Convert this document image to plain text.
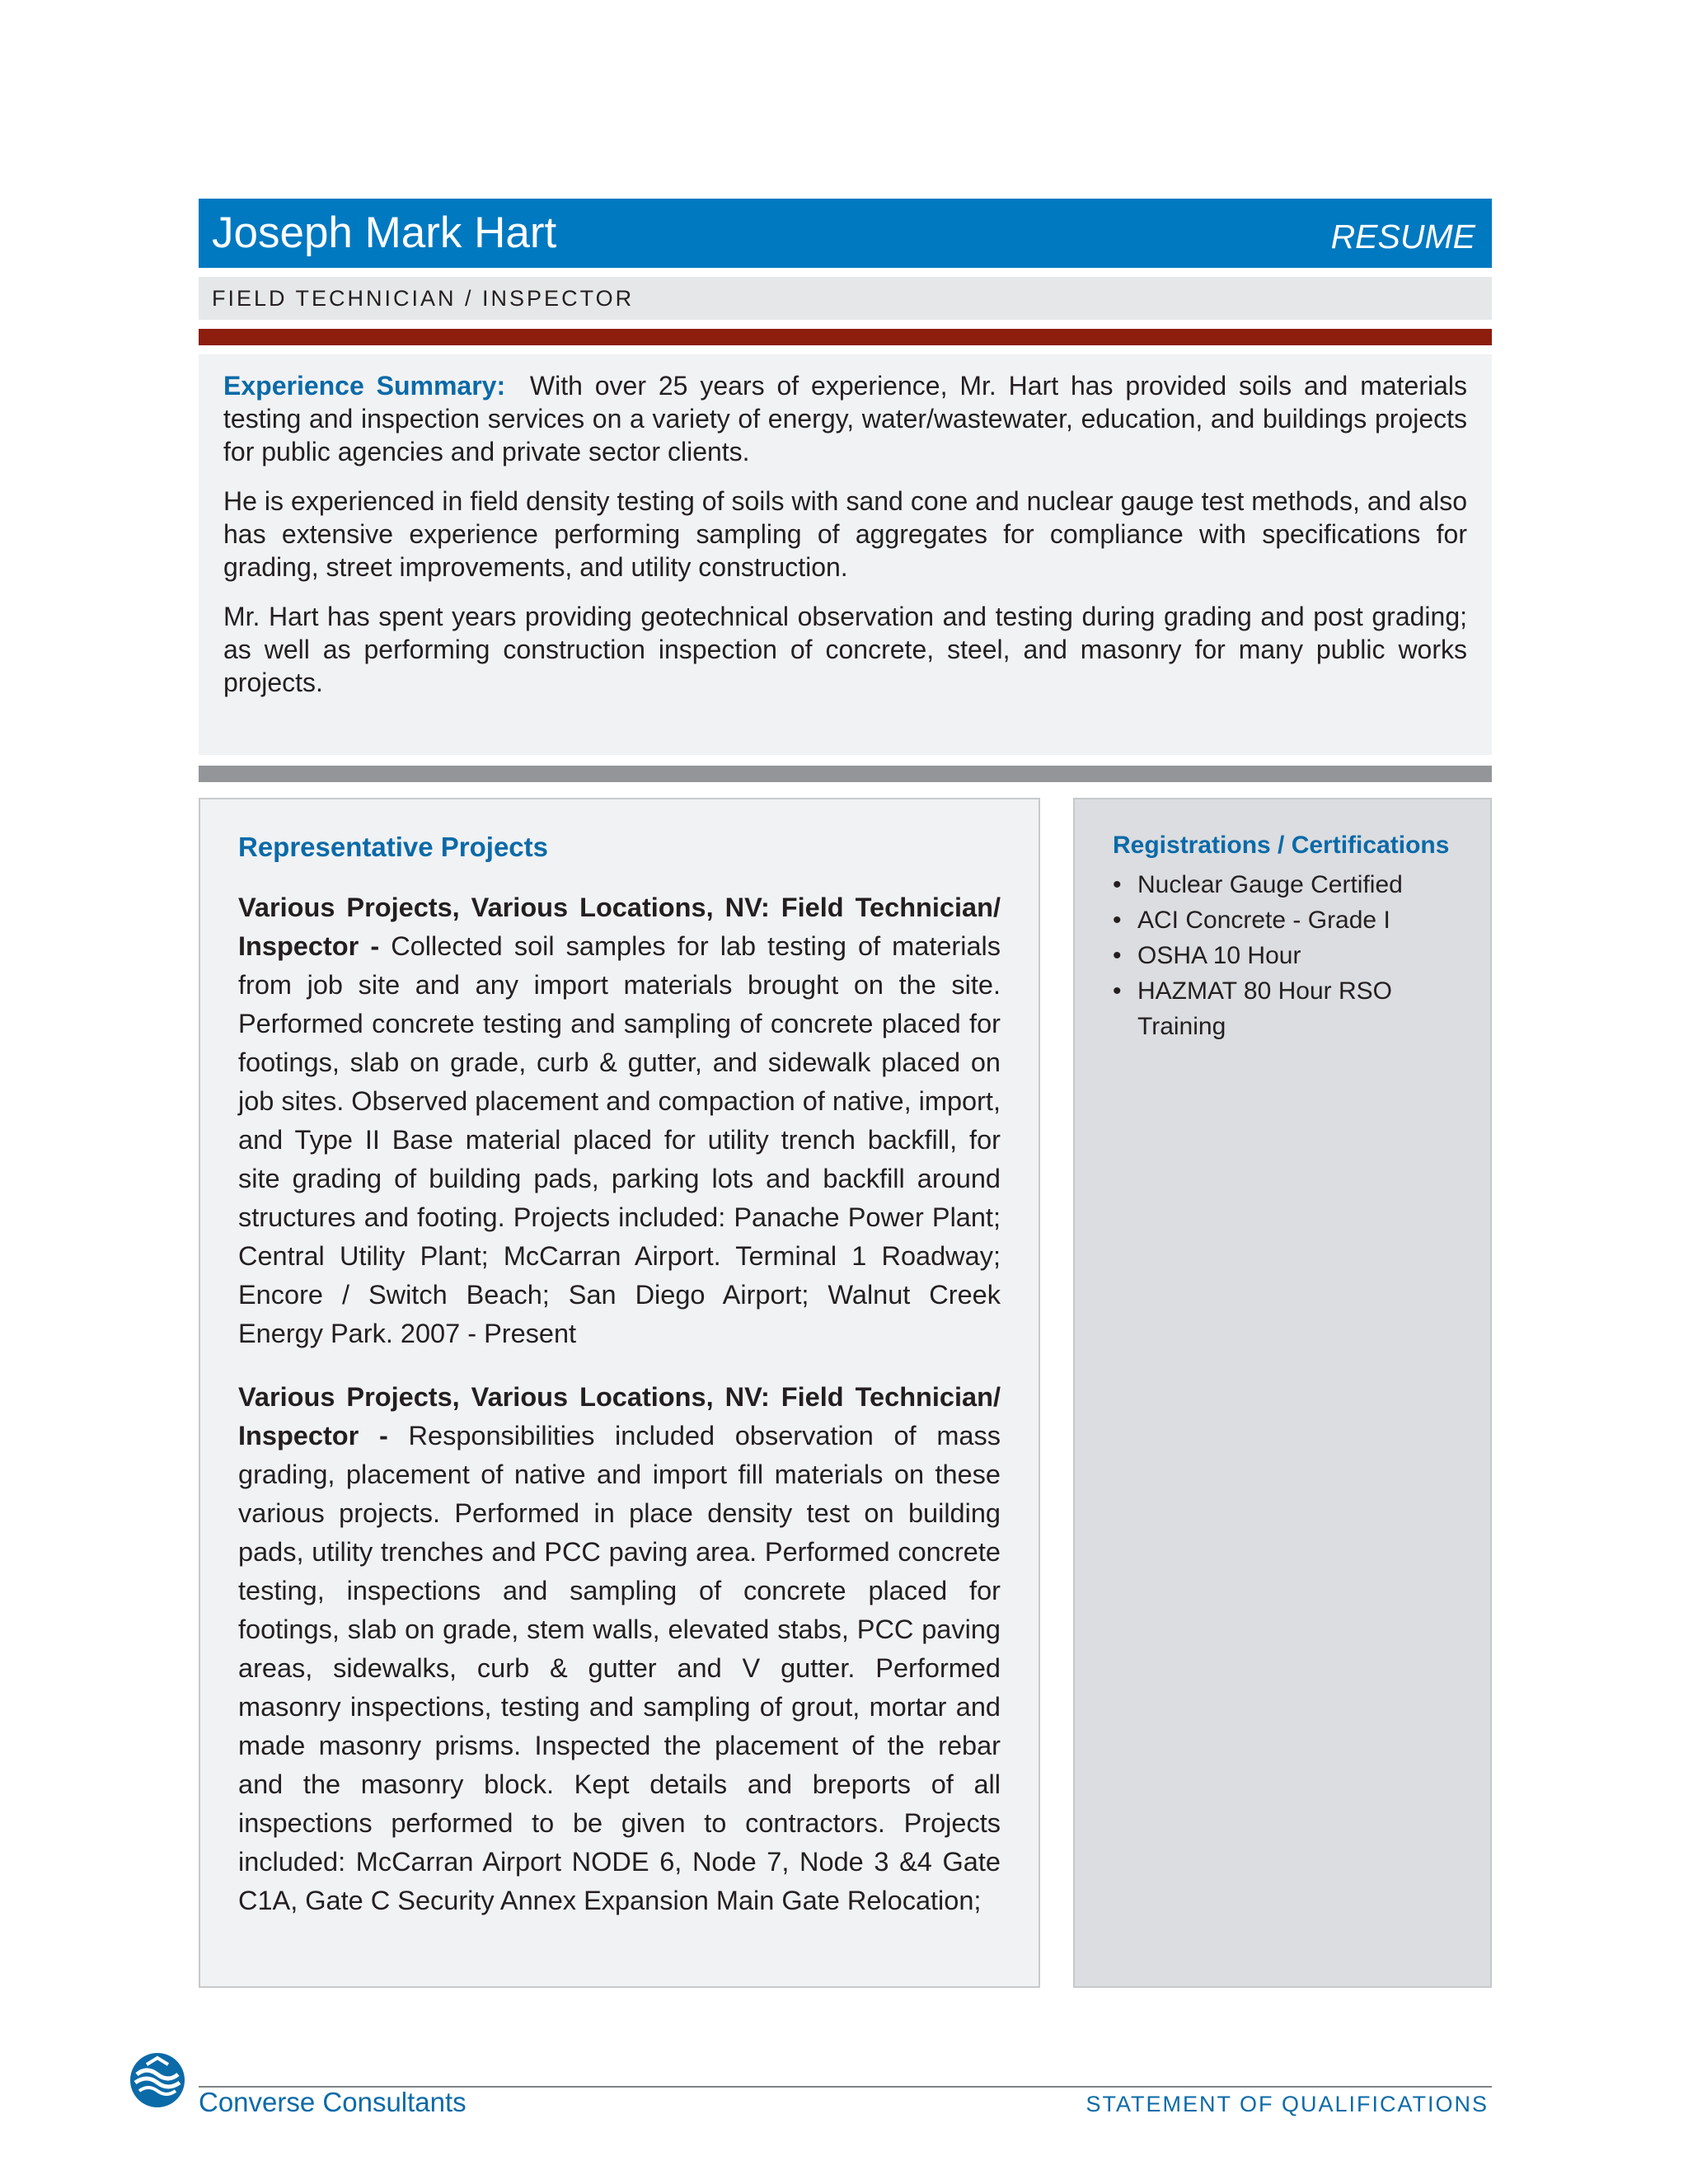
Joseph Mark Hart	RESUME
FIELD TECHNICIAN / INSPECTOR

Experience Summary: With over 25 years of experience, Mr. Hart has provided soils and materials testing and inspection services on a variety of energy, water/wastewater, education, and buildings projects for public agencies and private sector clients.

He is experienced in field density testing of soils with sand cone and nuclear gauge test methods, and also has extensive experience performing sampling of aggregates for compliance with specifications for grading, street improvements, and utility construction.

Mr. Hart has spent years providing geotechnical observation and testing during grading and post grading; as well as performing construction inspection of concrete, steel, and masonry for many public works projects.

Representative Projects

Various Projects, Various Locations, NV: Field Technician/ Inspector - Collected soil samples for lab testing of materials from job site and any import materials brought on the site. Performed concrete testing and sampling of concrete placed for footings, slab on grade, curb & gutter, and sidewalk placed on job sites. Observed placement and compaction of native, import, and Type II Base material placed for utility trench backfill, for site grading of building pads, parking lots and backfill around structures and footing. Projects included: Panache Power Plant; Central Utility Plant; McCarran Airport. Terminal 1 Roadway; Encore / Switch Beach; San Diego Airport; Walnut Creek Energy Park. 2007 - Present

Various Projects, Various Locations, NV: Field Technician/ Inspector - Responsibilities included observation of mass grading, placement of native and import fill materials on these various projects. Performed in place density test on building pads, utility trenches and PCC paving area. Performed concrete testing, inspections and sampling of concrete placed for footings, slab on grade, stem walls, elevated stabs, PCC paving areas, sidewalks, curb & gutter and V gutter. Performed masonry inspections, testing and sampling of grout, mortar and made masonry prisms. Inspected the placement of the rebar and the masonry block. Kept details and breports of all inspections performed to be given to contractors. Projects included: McCarran Airport NODE 6, Node 7, Node 3 &4 Gate C1A, Gate C Security Annex Expansion Main Gate Relocation;

Registrations / Certifications
• Nuclear Gauge Certified
• ACI Concrete - Grade I
• OSHA 10 Hour
• HAZMAT 80 Hour RSO Training
Converse Consultants	STATEMENT OF QUALIFICATIONS
